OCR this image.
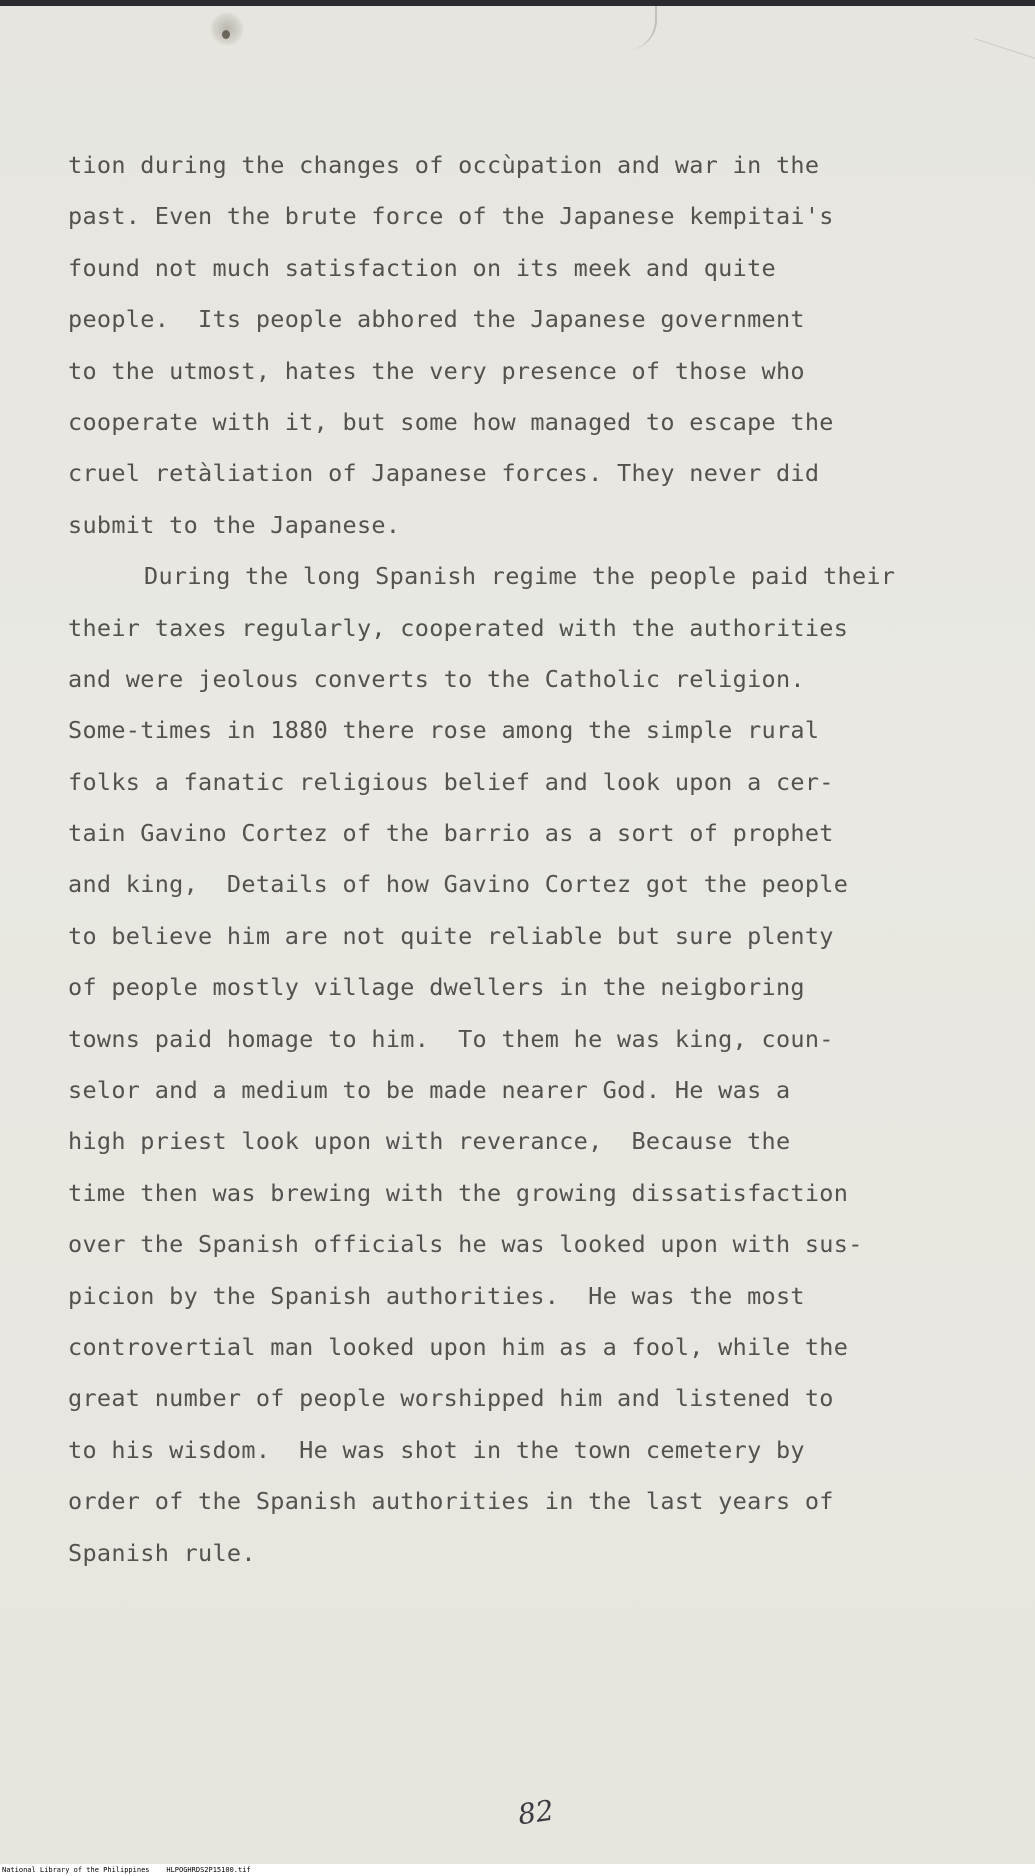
tion during the changes of occùpation and war in the
past. Even the brute force of the Japanese kempitai's
found not much satisfaction on its meek and quite
people.  Its people abhored the Japanese government
to the utmost, hates the very presence of those who
cooperate with it, but some how managed to escape the
cruel retàliation of Japanese forces. They never did
submit to the Japanese.
During the long Spanish regime the people paid their
their taxes regularly, cooperated with the authorities
and were jeolous converts to the Catholic religion.
Some-times in 1880 there rose among the simple rural
folks a fanatic religious belief and look upon a cer-
tain Gavino Cortez of the barrio as a sort of prophet
and king,  Details of how Gavino Cortez got the people
to believe him are not quite reliable but sure plenty
of people mostly village dwellers in the neigboring
towns paid homage to him.  To them he was king, coun-
selor and a medium to be made nearer God. He was a
high priest look upon with reverance,  Because the
time then was brewing with the growing dissatisfaction
over the Spanish officials he was looked upon with sus-
picion by the Spanish authorities.  He was the most
controvertial man looked upon him as a fool, while the
great number of people worshipped him and listened to
to his wisdom.  He was shot in the town cemetery by
order of the Spanish authorities in the last years of
Spanish rule.
82
National Library of the Philippines    HLPOGHRDS2P15100.tif
